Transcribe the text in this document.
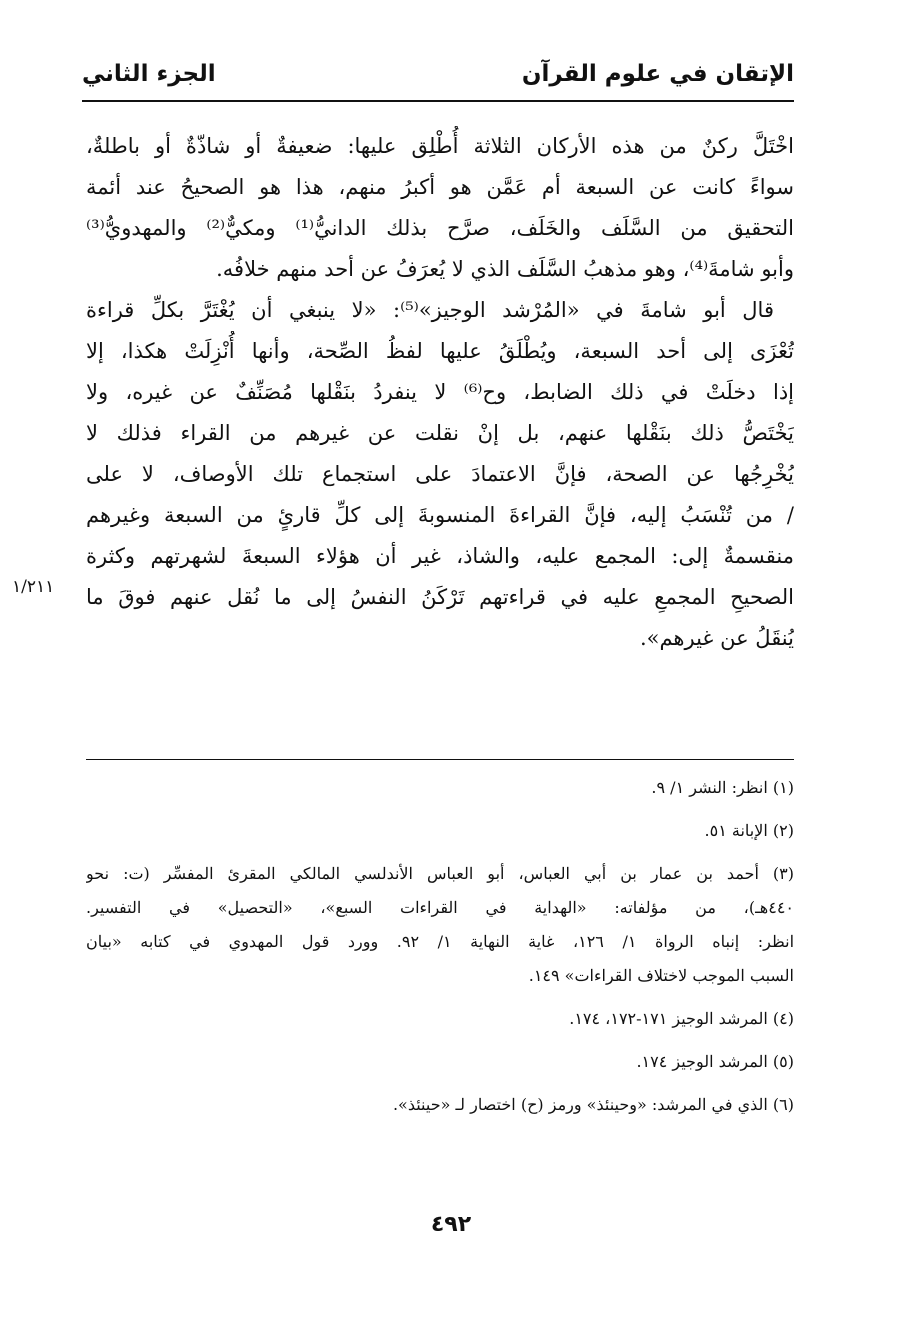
الإتقان في علوم القرآن
الجزء الثاني
اخْتَلَّ ركنٌ من هذه الأركان الثلاثة أُطْلِق عليها: ضعيفةٌ أو شاذّةٌ أو باطلةٌ،
سواءً كانت عن السبعة أم عَمَّن هو أكبرُ منهم، هذا هو الصحيحُ عند أئمة
التحقيق من السَّلَف والخَلَف، صرَّح بذلك الدانيُّ⁽¹⁾ ومكيٌّ⁽²⁾ والمهدويُّ⁽³⁾
وأبو شامةَ⁽⁴⁾، وهو مذهبُ السَّلَف الذي لا يُعرَفُ عن أحد منهم خلافُه.
قال أبو شامةَ في «المُرْشد الوجيز»⁽⁵⁾: «لا ينبغي أن يُغْتَرَّ بكلِّ قراءة
تُعْزَى إلى أحد السبعة، ويُطْلَقُ عليها لفظُ الصِّحة، وأنها أُنْزِلَتْ هكذا، إلا
إذا دخلَتْ في ذلك الضابط، وح⁽⁶⁾ لا ينفردُ بنَقْلها مُصَنِّفٌ عن غيره، ولا
يَخْتَصُّ ذلك بنَقْلها عنهم، بل إنْ نقلت عن غيرهم من القراء فذلك لا
يُخْرِجُها عن الصحة، فإنَّ الاعتمادَ على استجماع تلك الأوصاف، لا على
/ من تُنْسَبُ إليه، فإنَّ القراءةَ المنسوبةَ إلى كلِّ قارئٍ من السبعة وغيرهم
منقسمةٌ إلى: المجمع عليه، والشاذ، غير أن هؤلاء السبعةَ لشهرتهم وكثرة
الصحيحِ المجمعِ عليه في قراءتهم تَرْكَنُ النفسُ إلى ما نُقل عنهم فوقَ ما
يُنقَلُ عن غيرهم».
١/٢١١
(١) انظر: النشر ١/ ٩.
(٢) الإبانة ٥١.
(٣) أحمد بن عمار بن أبي العباس، أبو العباس الأندلسي المالكي المقرئ المفسِّر (ت: نحو
٤٤٠هـ)، من مؤلفاته: «الهداية في القراءات السبع»، «التحصيل» في التفسير.
انظر: إنباه الرواة ١/ ١٢٦، غاية النهاية ١/ ٩٢. وورد قول المهدوي في كتابه «بيان
السبب الموجب لاختلاف القراءات» ١٤٩.
(٤) المرشد الوجيز ١٧١-١٧٢، ١٧٤.
(٥) المرشد الوجيز ١٧٤.
(٦) الذي في المرشد: «وحينئذ» ورمز (ح) اختصار لـ «حينئذ».
٤٩٢
